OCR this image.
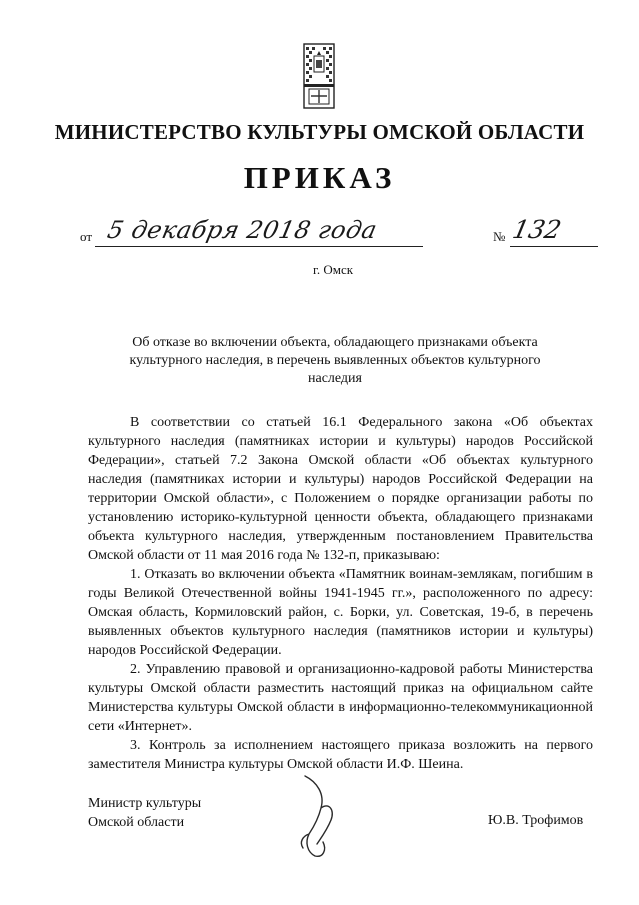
МИНИСТЕРСТВО КУЛЬТУРЫ ОМСКОЙ ОБЛАСТИ
ПРИКАЗ
от 5 декабря 2018 года	№ 132
г. Омск
Об отказе во включении объекта, обладающего признаками объекта культурного наследия, в перечень выявленных объектов культурного наследия

В соответствии со статьей 16.1 Федерального закона «Об объектах культурного наследия (памятниках истории и культуры) народов Российской Федерации», статьей 7.2 Закона Омской области «Об объектах культурного наследия (памятниках истории и культуры) народов Российской Федерации на территории Омской области», с Положением о порядке организации работы по установлению историко-культурной ценности объекта, обладающего признаками объекта культурного наследия, утвержденным постановлением Правительства Омской области от 11 мая 2016 года № 132-п, приказываю:

1. Отказать во включении объекта «Памятник воинам-землякам, погибшим в годы Великой Отечественной войны 1941-1945 гг.», расположенного по адресу: Омская область, Кормиловский район, с. Борки, ул. Советская, 19-б, в перечень выявленных объектов культурного наследия (памятников истории и культуры) народов Российской Федерации.

2. Управлению правовой и организационно-кадровой работы Министерства культуры Омской области разместить настоящий приказ на официальном сайте Министерства культуры Омской области в информационно-телекоммуникационной сети «Интернет».

3. Контроль за исполнением настоящего приказа возложить на первого заместителя Министра культуры Омской области И.Ф. Шеина.

Министр культуры
Омской области	Ю.В. Трофимов
